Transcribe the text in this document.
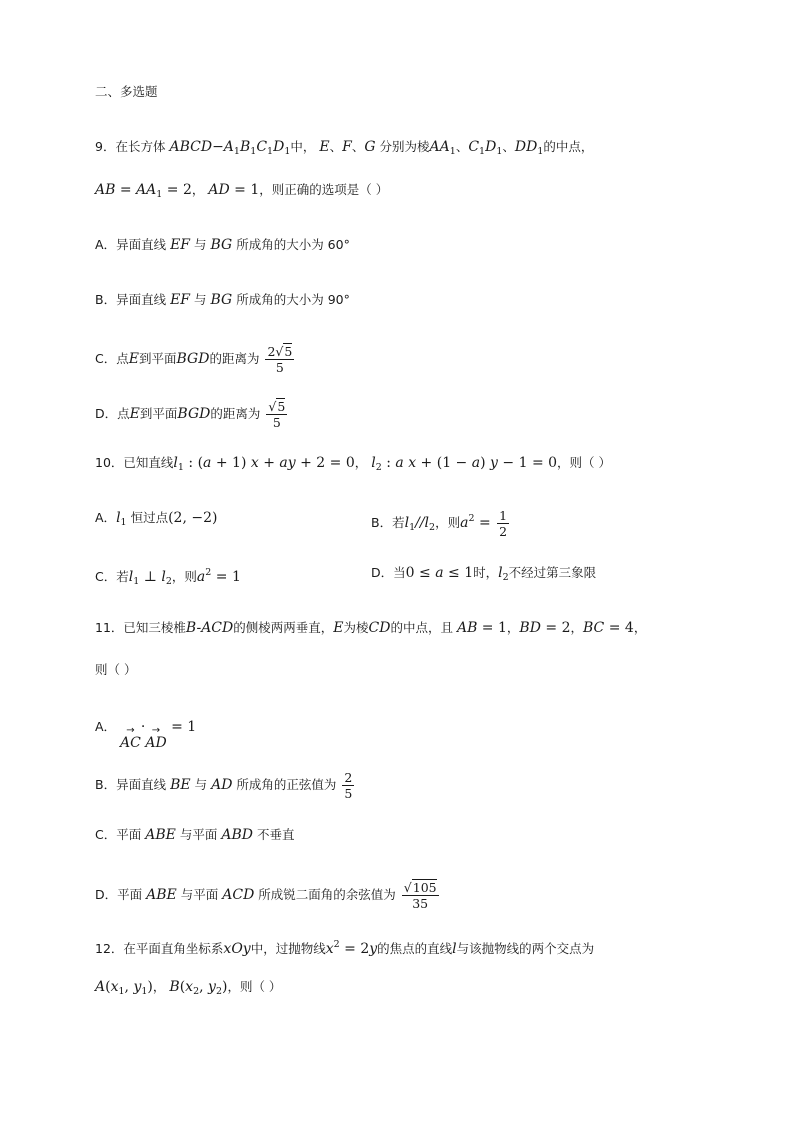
二、多选题
9．在长方体 $ABCD-A_1B_1C_1D_1$中， E、F、G 分别为棱$AA_1$、$C_1D_1$、$DD_1$的中点，
AB = $AA_1 = 2$， AD = 1，则正确的选项是（ ）
A．异面直线 EF 与 BG 所成角的大小为 60°
B．异面直线 EF 与 BG 所成角的大小为 90°
C．点E到平面BGD的距离为 $\frac{2√5}{5}$
D．点E到平面BGD的距离为 $\frac{√5}{5}$
10．已知直线$l_1$ : (a + 1) x + ay + 2 = 0， $l_2$ : a x + (1 − a) y − 1 = 0，则（ ）
A．$l_1$ 恒过点(2, −2)	B．若$l_1//l_2$，则$a^2 = \frac{1}{2}$
C．若$l_1$ ⊥ $l_2$，则$a^2 = 1$	D．当0 ≤ a ≤ 1时，$l_2$不经过第三象限
11．已知三棱椎B-ACD的侧棱两两垂直，E为棱CD的中点，且 AB = 1，BD = 2，BC = 4，
则（ ）
A． →
AC
· →
AD
= 1
B．异面直线 BE 与 AD 所成角的正弦值为 $\frac{2}{5}$
C．平面 ABE 与平面 ABD 不垂直
D．平面 ABE 与平面 ACD 所成锐二面角的余弦值为 $\frac{√105}{35}$
12．在平面直角坐标系xOy中，过抛物线$x^2 = 2y$的焦点的直线l与该抛物线的两个交点为
$A(x_1$, $y_1$)， $B(x_2$, $y_2$)，则（ ）
